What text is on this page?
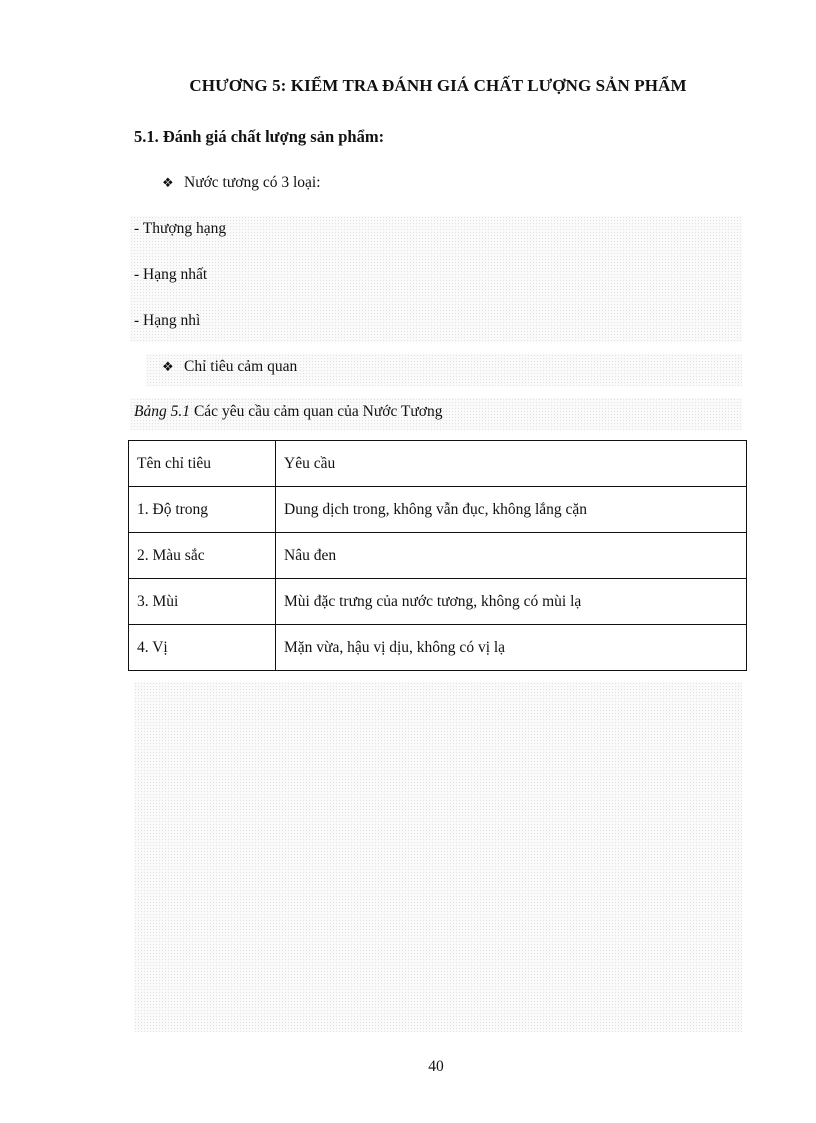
CHƯƠNG 5: KIỂM TRA ĐÁNH GIÁ CHẤT LƯỢNG SẢN PHẨM
5.1. Đánh giá chất lượng sản phẩm:
❖ Nước tương có 3 loại:
- Thượng hạng
- Hạng nhất
- Hạng nhì
❖ Chỉ tiêu cảm quan
Bảng 5.1 Các yêu cầu cảm quan của Nước Tương
Tên chỉ tiêu	Yêu cầu
1. Độ trong	Dung dịch trong, không vẫn đục, không lắng cặn
2. Màu sắc	Nâu đen
3. Mùi	Mùi đặc trưng của nước tương, không có mùi lạ
4. Vị	Mặn vừa, hậu vị dịu, không có vị lạ
40
